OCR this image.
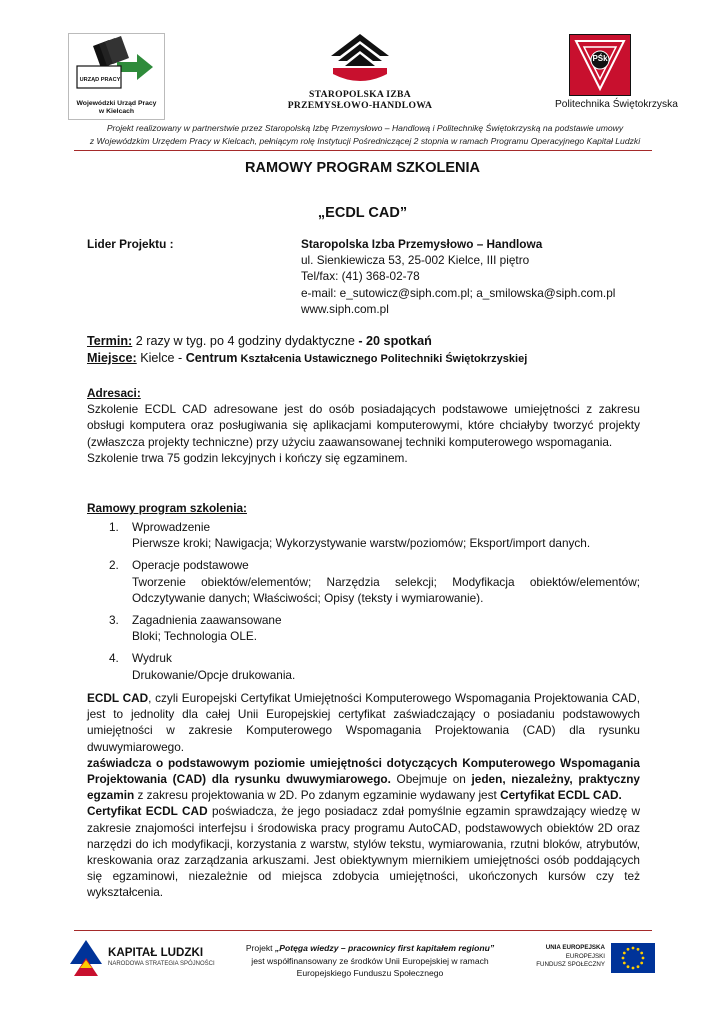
URZĄD PRACY
Wojewódzki Urząd Pracy
w Kielcach
STAROPOLSKA IZBA
PRZEMYSŁOWO-HANDLOWA
PŚk
Politechnika Świętokrzyska
Projekt realizowany w partnerstwie przez Staropolską Izbę Przemysłowo – Handlową i Politechnikę Świętokrzyską na podstawie umowy
z Wojewódzkim Urzędem Pracy w Kielcach, pełniącym rolę Instytucji Pośredniczącej 2 stopnia w ramach Programu Operacyjnego Kapitał Ludzki
RAMOWY PROGRAM SZKOLENIA
„ECDL CAD”
Lider Projektu :	Staropolska Izba Przemysłowo – Handlowa
ul. Sienkiewicza 53, 25-002 Kielce, III piętro
Tel/fax: (41) 368-02-78
e-mail: e_sutowicz@siph.com.pl; a_smilowska@siph.com.pl
www.siph.com.pl
Termin: 2 razy w tyg. po 4 godziny dydaktyczne - 20 spotkań
Miejsce: Kielce - Centrum Kształcenia Ustawicznego Politechniki Świętokrzyskiej
Adresaci:

Szkolenie ECDL CAD adresowane jest do osób posiadających podstawowe umiejętności z zakresu obsługi komputera oraz posługiwania się aplikacjami komputerowymi, które chciałyby tworzyć projekty (zwłaszcza projekty techniczne) przy użyciu zaawansowanej techniki komputerowego wspomagania.

Szkolenie trwa 75 godzin lekcyjnych i kończy się egzaminem.

Ramowy program szkolenia:
1. Wprowadzenie
Pierwsze kroki; Nawigacja; Wykorzystywanie warstw/poziomów; Eksport/import danych.
2. Operacje podstawowe
Tworzenie obiektów/elementów; Narzędzia selekcji; Modyfikacja obiektów/elementów; Odczytywanie danych; Właściwości; Opisy (teksty i wymiarowanie).
3. Zagadnienia zaawansowane
Bloki; Technologia OLE.
4. Wydruk
Drukowanie/Opcje drukowania.

ECDL CAD, czyli Europejski Certyfikat Umiejętności Komputerowego Wspomagania Projektowania CAD, jest to jednolity dla całej Unii Europejskiej certyfikat zaświadczający o posiadaniu podstawowych umiejętności w zakresie Komputerowego Wspomagania Projektowania (CAD) dla rysunku dwuwymiarowego.

zaświadcza o podstawowym poziomie umiejętności dotyczących Komputerowego Wspomagania Projektowania (CAD) dla rysunku dwuwymiarowego. Obejmuje on jeden, niezależny, praktyczny egzamin z zakresu projektowania w 2D. Po zdanym egzaminie wydawany jest Certyfikat ECDL CAD.

Certyfikat ECDL CAD poświadcza, że jego posiadacz zdał pomyślnie egzamin sprawdzający wiedzę w zakresie znajomości interfejsu i środowiska pracy programu AutoCAD, podstawowych obiektów 2D oraz narzędzi do ich modyfikacji, korzystania z warstw, stylów tekstu, wymiarowania, rzutni bloków, atrybutów, kreskowania oraz zarządzania arkuszami. Jest obiektywnym miernikiem umiejętności osób poddających się egzaminowi, niezależnie od miejsca zdobycia umiejętności, ukończonych kursów czy też wykształcenia.

KAPITAŁ LUDZKI
NARODOWA STRATEGIA SPÓJNOŚCI
Projekt „Potęga wiedzy – pracownicy first kapitałem regionu”
jest współfinansowany ze środków Unii Europejskiej w ramach
Europejskiego Funduszu Społecznego
UNIA EUROPEJSKA
EUROPEJSKI
FUNDUSZ SPOŁECZNY
